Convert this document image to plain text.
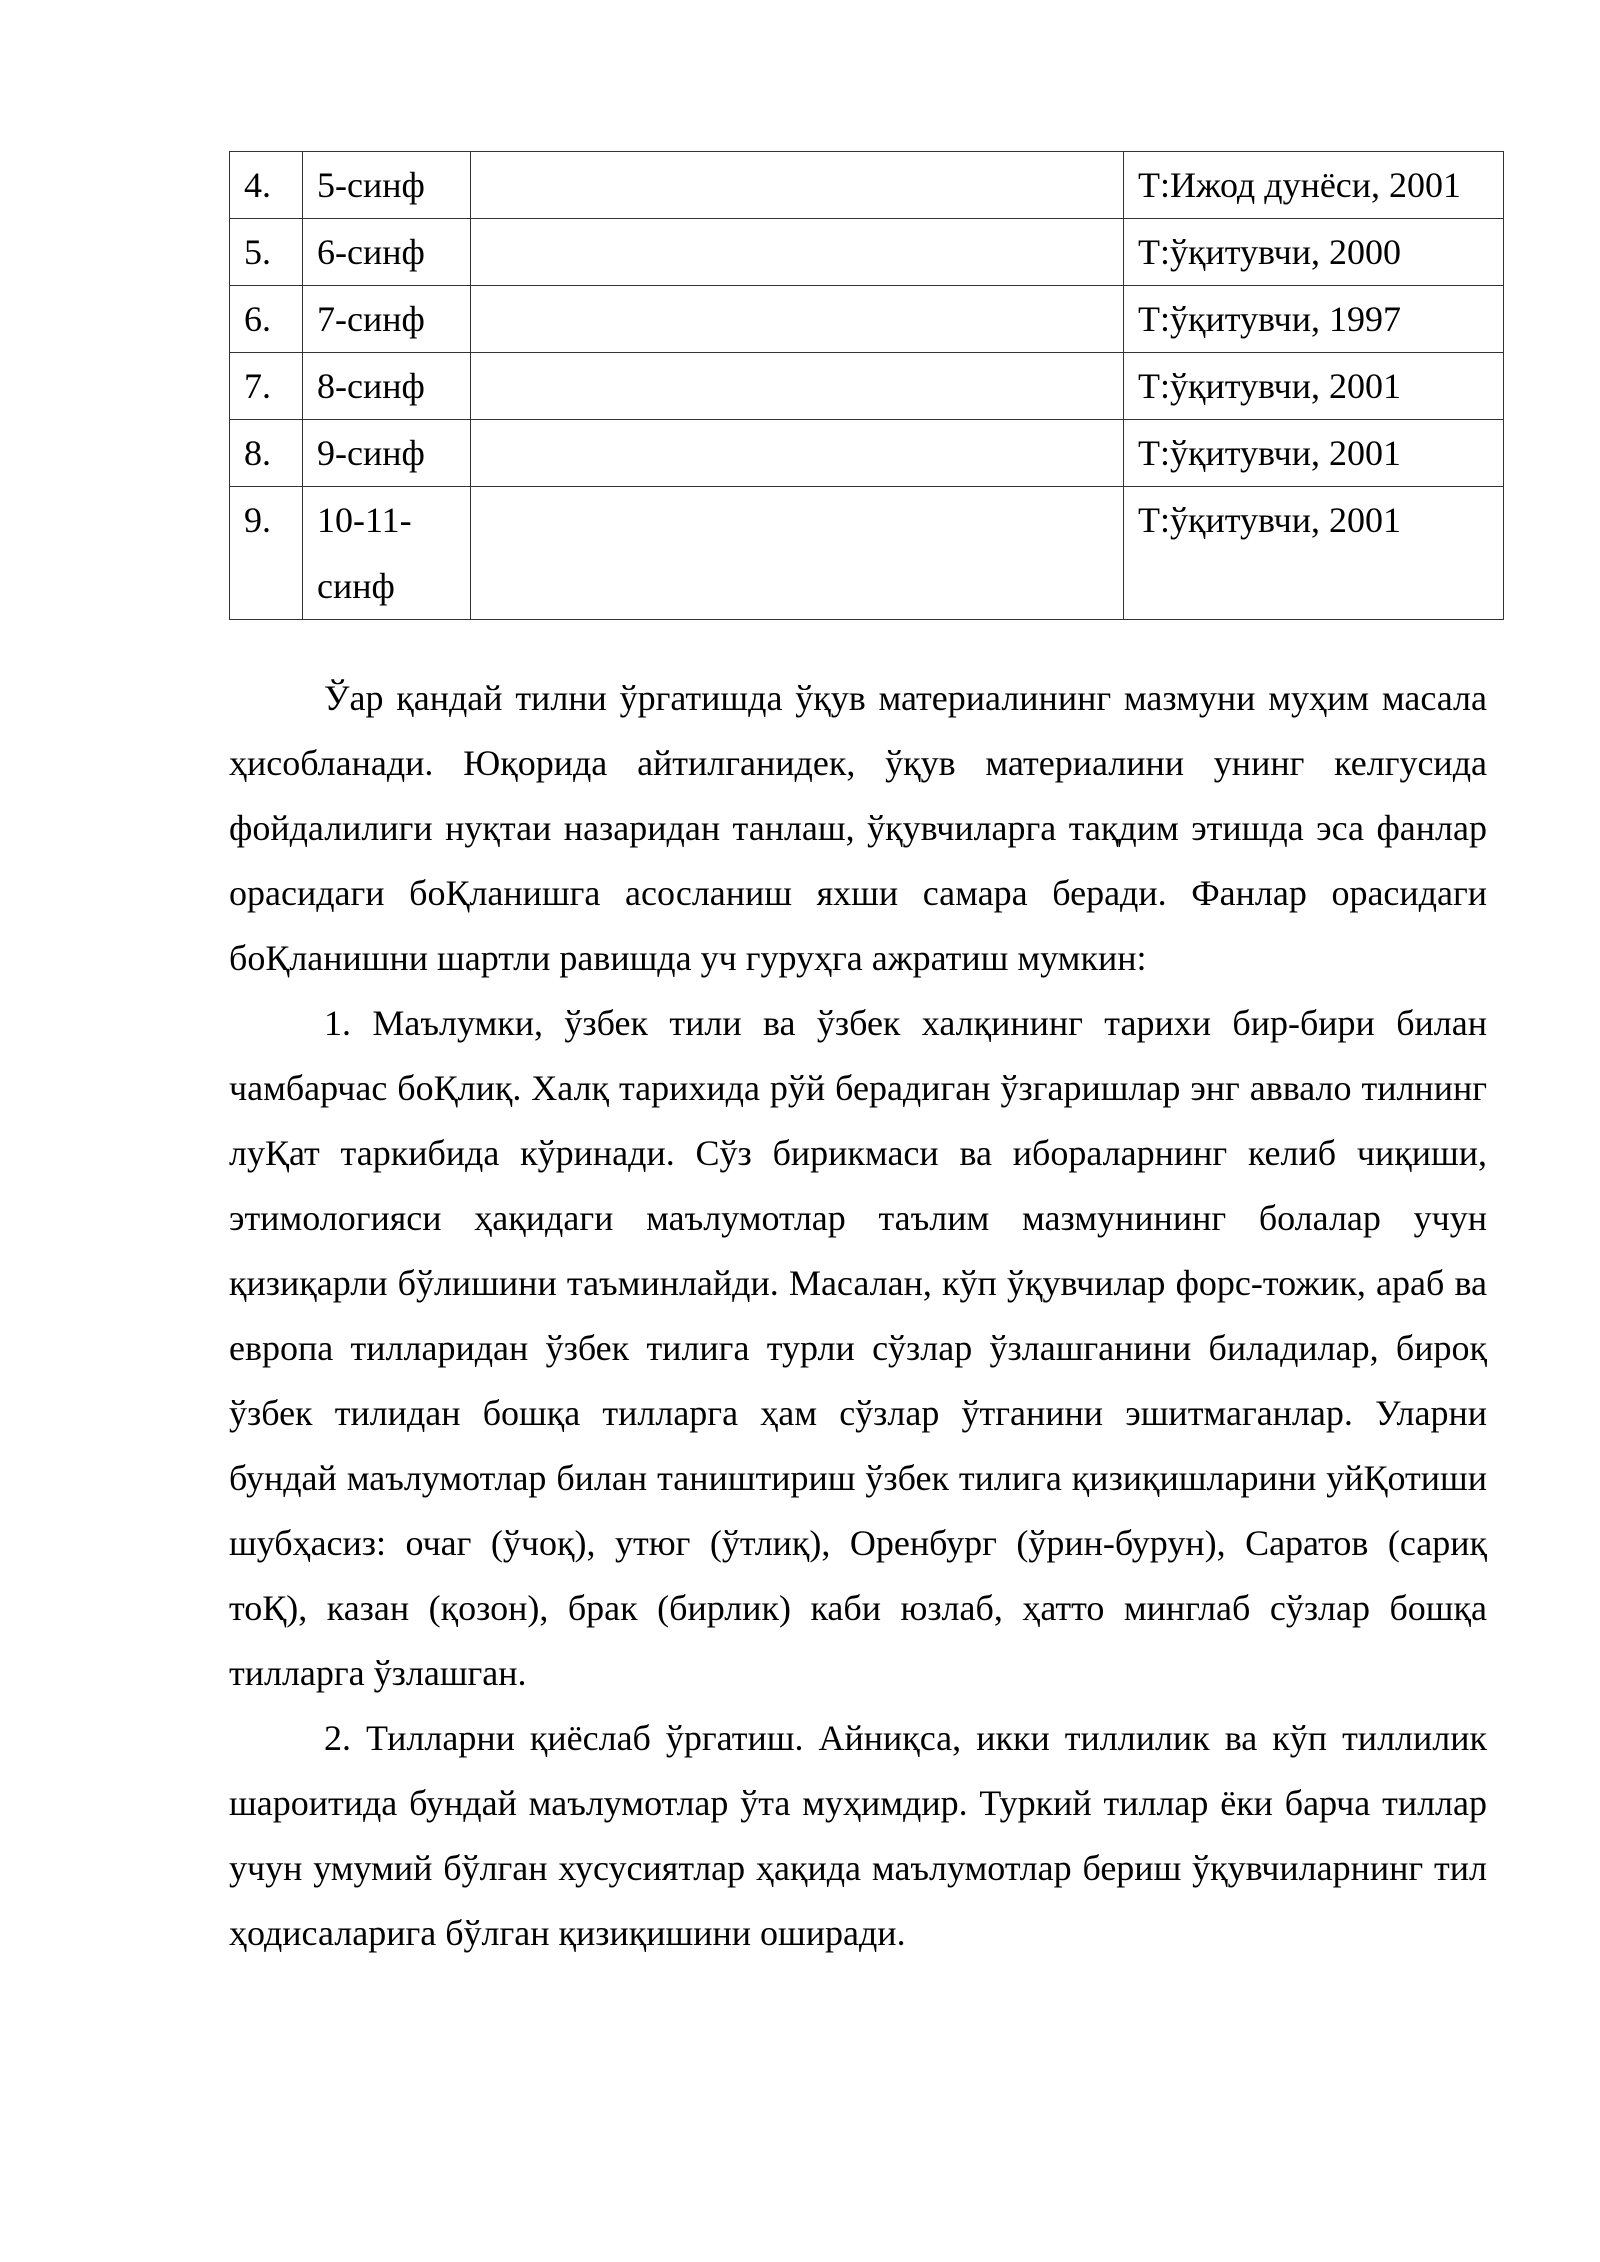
4.	5-синф		Т:Ижод дунёси, 2001
5.	6-синф		Т:ўқитувчи, 2000
6.	7-синф		Т:ўқитувчи, 1997
7.	8-синф		Т:ўқитувчи, 2001
8.	9-синф		Т:ўқитувчи, 2001
9.	10-11-синф		Т:ўқитувчи, 2001

Ўар қандай тилни ўргатишда ўқув материалининг мазмуни муҳим масала ҳисобланади. Юқорида айтилганидек, ўқув материалини унинг келгусида фойдалилиги нуқтаи назаридан танлаш, ўқувчиларга тақдим этишда эса фанлар орасидаги боҚланишга асосланиш яхши самара беради. Фанлар орасидаги боҚланишни шартли равишда уч гуруҳга ажратиш мумкин:

1. Маълумки, ўзбек тили ва ўзбек халқининг тарихи бир-бири билан чамбарчас боҚлиқ. Халқ тарихида рўй берадиган ўзгаришлар энг аввало тилнинг луҚат таркибида кўринади. Сўз бирикмаси ва ибораларнинг келиб чиқиши, этимологияси ҳақидаги маълумотлар таълим мазмунининг болалар учун қизиқарли бўлишини таъминлайди. Масалан, кўп ўқувчилар форс-тожик, араб ва европа тилларидан ўзбек тилига турли сўзлар ўзлашганини биладилар, бироқ ўзбек тилидан бошқа тилларга ҳам сўзлар ўтганини эшитмаганлар. Уларни бундай маълумотлар билан таништириш ўзбек тилига қизиқишларини уйҚотиши шубҳасиз: очаг (ўчоқ), утюг (ўтлиқ), Оренбург (ўрин-бурун), Саратов (сариқ тоҚ), казан (қозон), брак (бирлик) каби юзлаб, ҳатто минглаб сўзлар бошқа тилларга ўзлашган.

2. Тилларни қиёслаб ўргатиш. Айниқса, икки тиллилик ва кўп тиллилик шароитида бундай маълумотлар ўта муҳимдир. Туркий тиллар ёки барча тиллар учун умумий бўлган хусусиятлар ҳақида маълумотлар бериш ўқувчиларнинг тил ҳодисаларига бўлган қизиқишини оширади.
